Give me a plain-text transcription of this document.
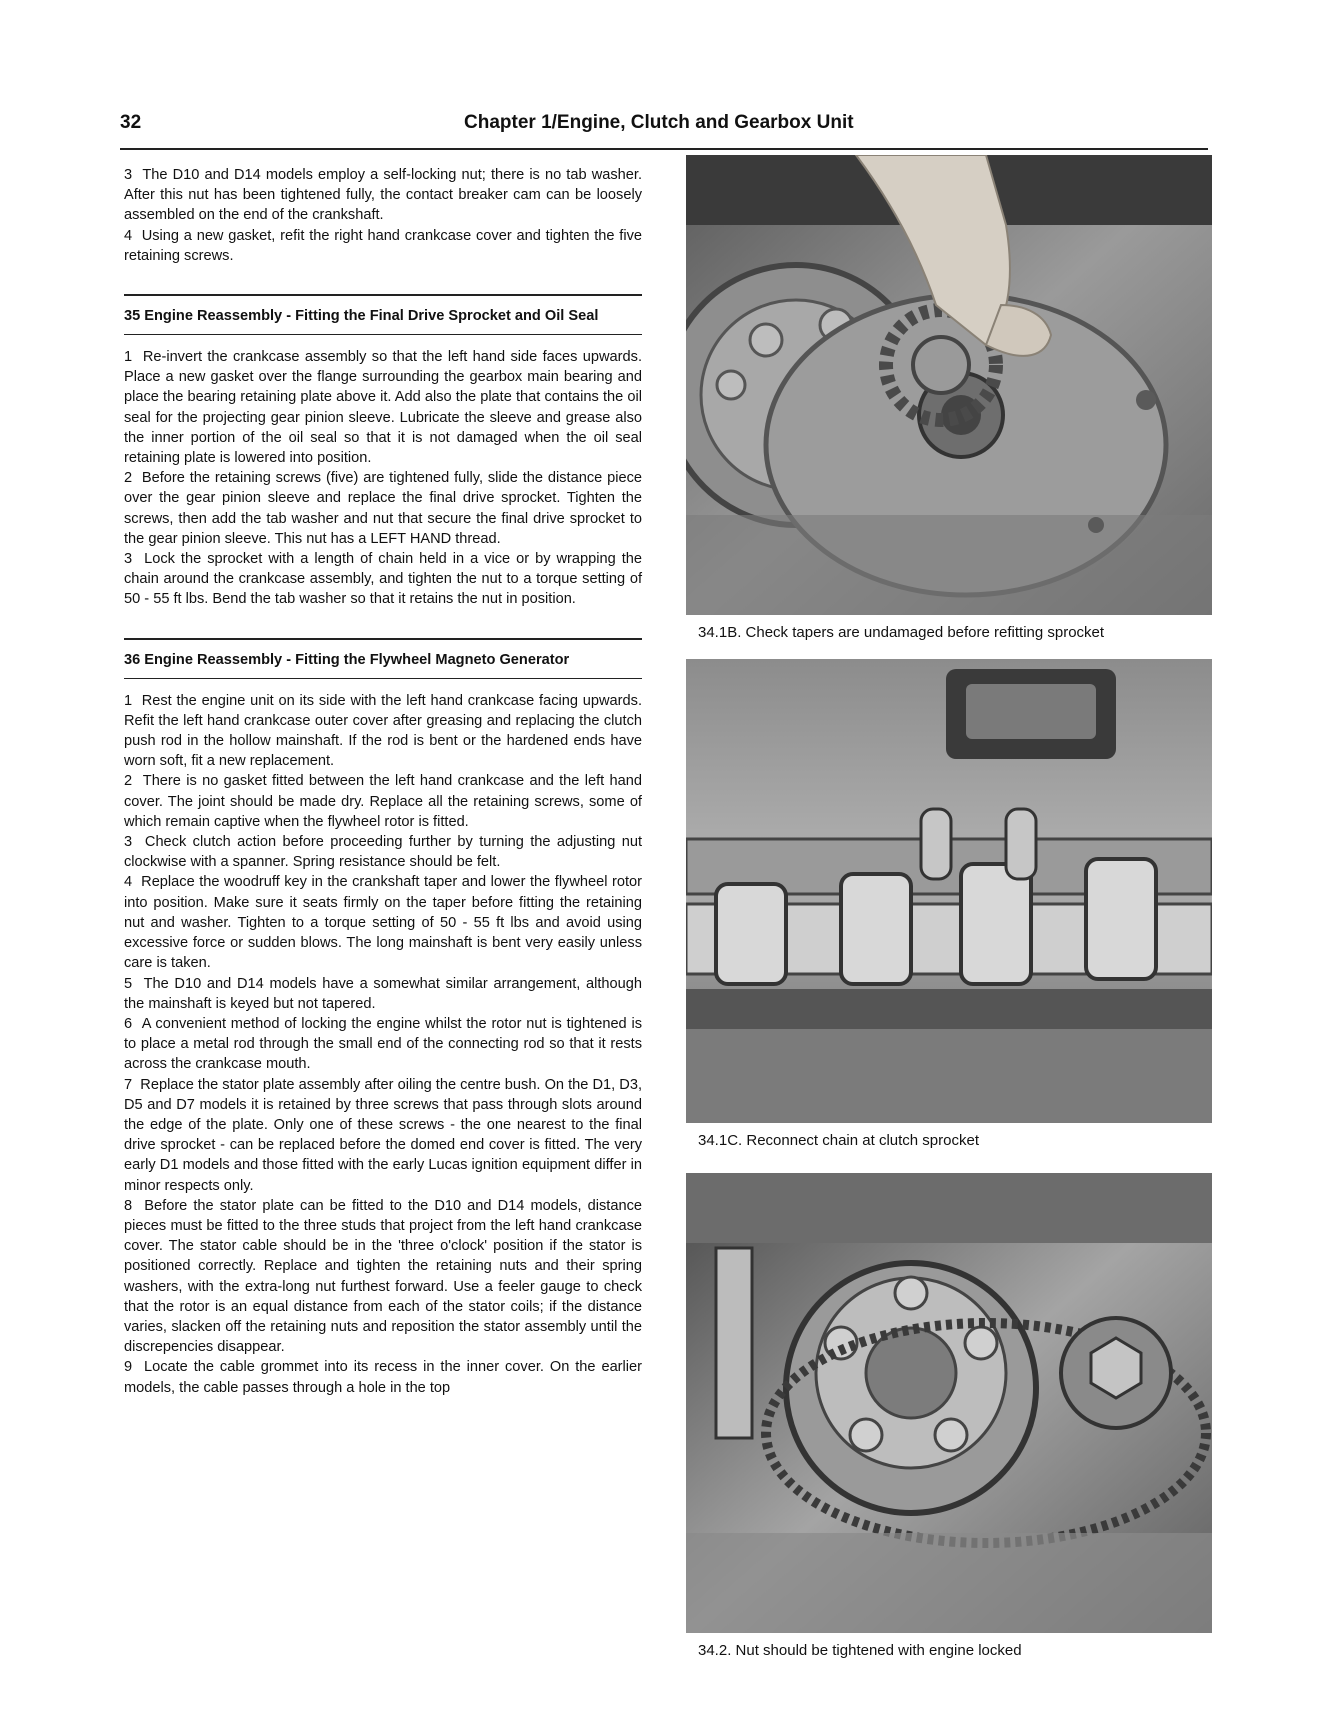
32	Chapter 1/Engine, Clutch and Gearbox Unit

3 The D10 and D14 models employ a self-locking nut; there is no tab washer. After this nut has been tightened fully, the contact breaker cam can be loosely assembled on the end of the crankshaft.

4 Using a new gasket, refit the right hand crankcase cover and tighten the five retaining screws.

35 Engine Reassembly - Fitting the Final Drive Sprocket and Oil Seal

1 Re-invert the crankcase assembly so that the left hand side faces upwards. Place a new gasket over the flange surrounding the gearbox main bearing and place the bearing retaining plate above it. Add also the plate that contains the oil seal for the projecting gear pinion sleeve. Lubricate the sleeve and grease also the inner portion of the oil seal so that it is not damaged when the oil seal retaining plate is lowered into position.

2 Before the retaining screws (five) are tightened fully, slide the distance piece over the gear pinion sleeve and replace the final drive sprocket. Tighten the screws, then add the tab washer and nut that secure the final drive sprocket to the gear pinion sleeve. This nut has a LEFT HAND thread.

3 Lock the sprocket with a length of chain held in a vice or by wrapping the chain around the crankcase assembly, and tighten the nut to a torque setting of 50 - 55 ft lbs. Bend the tab washer so that it retains the nut in position.

36 Engine Reassembly - Fitting the Flywheel Magneto Generator

1 Rest the engine unit on its side with the left hand crankcase facing upwards. Refit the left hand crankcase outer cover after greasing and replacing the clutch push rod in the hollow mainshaft. If the rod is bent or the hardened ends have worn soft, fit a new replacement.

2 There is no gasket fitted between the left hand crankcase and the left hand cover. The joint should be made dry. Replace all the retaining screws, some of which remain captive when the flywheel rotor is fitted.

3 Check clutch action before proceeding further by turning the adjusting nut clockwise with a spanner. Spring resistance should be felt.

4 Replace the woodruff key in the crankshaft taper and lower the flywheel rotor into position. Make sure it seats firmly on the taper before fitting the retaining nut and washer. Tighten to a torque setting of 50 - 55 ft lbs and avoid using excessive force or sudden blows. The long mainshaft is bent very easily unless care is taken.

5 The D10 and D14 models have a somewhat similar arrangement, although the mainshaft is keyed but not tapered.

6 A convenient method of locking the engine whilst the rotor nut is tightened is to place a metal rod through the small end of the connecting rod so that it rests across the crankcase mouth.

7 Replace the stator plate assembly after oiling the centre bush. On the D1, D3, D5 and D7 models it is retained by three screws that pass through slots around the edge of the plate. Only one of these screws - the one nearest to the final drive sprocket - can be replaced before the domed end cover is fitted. The very early D1 models and those fitted with the early Lucas ignition equipment differ in minor respects only.

8 Before the stator plate can be fitted to the D10 and D14 models, distance pieces must be fitted to the three studs that project from the left hand crankcase cover. The stator cable should be in the 'three o'clock' position if the stator is positioned correctly. Replace and tighten the retaining nuts and their spring washers, with the extra-long nut furthest forward. Use a feeler gauge to check that the rotor is an equal distance from each of the stator coils; if the distance varies, slacken off the retaining nuts and reposition the stator assembly until the discrepencies disappear.

9 Locate the cable grommet into its recess in the inner cover. On the earlier models, the cable passes through a hole in the top

34.1B. Check tapers are undamaged before refitting sprocket
34.1C. Reconnect chain at clutch sprocket
34.2. Nut should be tightened with engine locked
